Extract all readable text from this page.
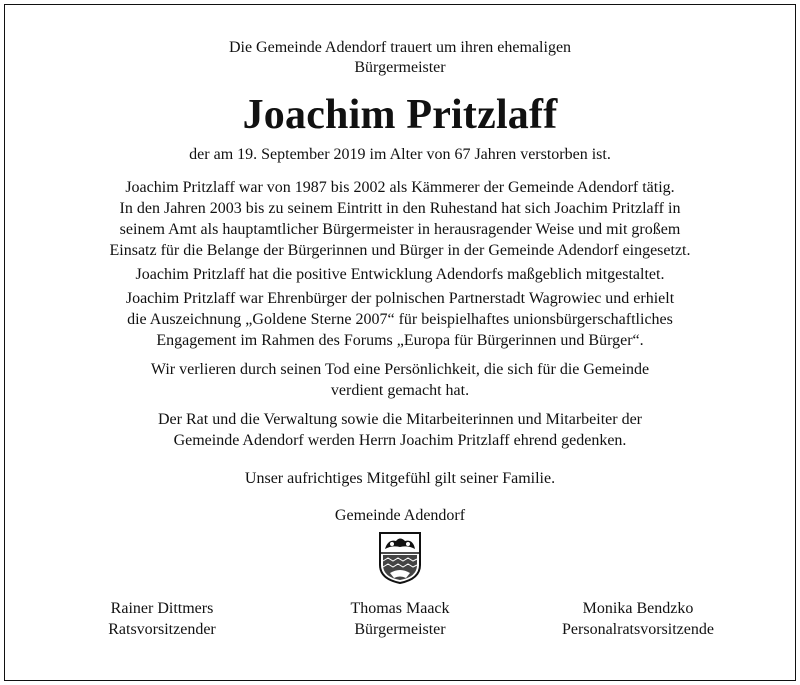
Die Gemeinde Adendorf trauert um ihren ehemaligen
Bürgermeister
Joachim Pritzlaff
der am 19. September 2019 im Alter von 67 Jahren verstorben ist.
Joachim Pritzlaff war von 1987 bis 2002 als Kämmerer der Gemeinde Adendorf tätig.
In den Jahren 2003 bis zu seinem Eintritt in den Ruhestand hat sich Joachim Pritzlaff in
seinem Amt als hauptamtlicher Bürgermeister in herausragender Weise und mit großem
Einsatz für die Belange der Bürgerinnen und Bürger in der Gemeinde Adendorf eingesetzt.
Joachim Pritzlaff hat die positive Entwicklung Adendorfs maßgeblich mitgestaltet.
Joachim Pritzlaff war Ehrenbürger der polnischen Partnerstadt Wagrowiec und erhielt
die Auszeichnung „Goldene Sterne 2007“ für beispielhaftes unionsbürgerschaftliches
Engagement im Rahmen des Forums „Europa für Bürgerinnen und Bürger“.
Wir verlieren durch seinen Tod eine Persönlichkeit, die sich für die Gemeinde
verdient gemacht hat.
Der Rat und die Verwaltung sowie die Mitarbeiterinnen und Mitarbeiter der
Gemeinde Adendorf werden Herrn Joachim Pritzlaff ehrend gedenken.
Unser aufrichtiges Mitgefühl gilt seiner Familie.
Gemeinde Adendorf
Rainer Dittmers
Ratsvorsitzender
Thomas Maack
Bürgermeister
Monika Bendzko
Personalratsvorsitzende
